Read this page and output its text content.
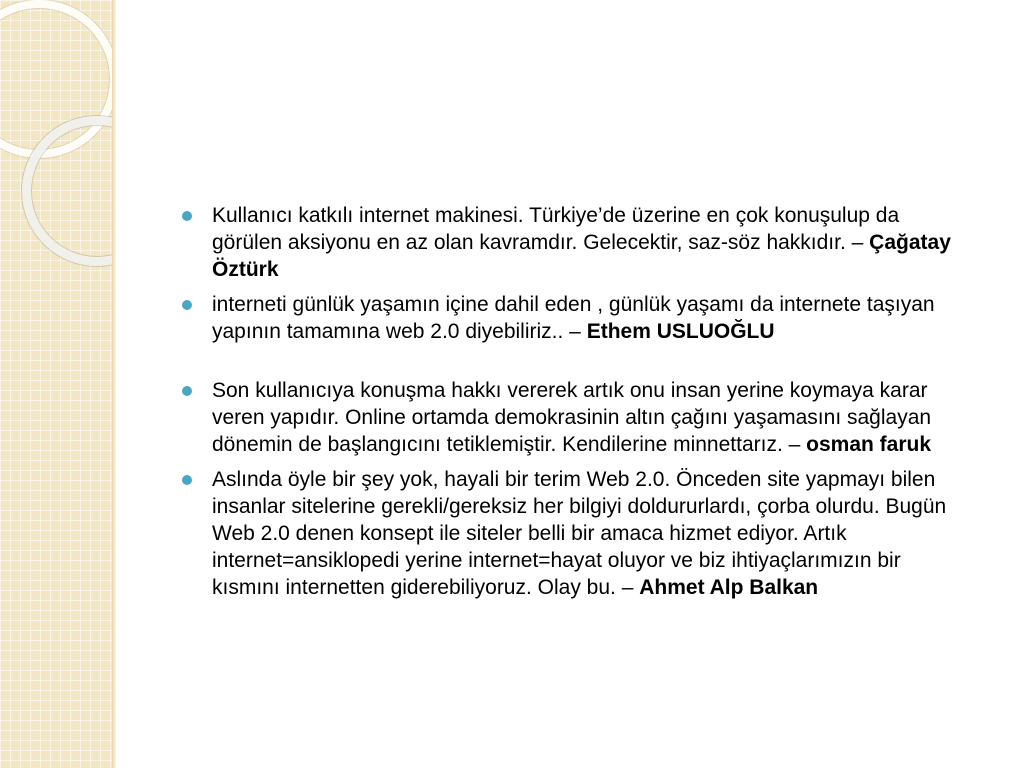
Kullanıcı katkılı internet makinesi. Türkiye’de üzerine en çok konuşulup da görülen aksiyonu en az olan kavramdır. Gelecektir, saz-söz hakkıdır. – Çağatay Öztürk
interneti günlük yaşamın içine dahil eden , günlük yaşamı da internete taşıyan yapının tamamına web 2.0 diyebiliriz.. – Ethem USLUOĞLU
Son kullanıcıya konuşma hakkı vererek artık onu insan yerine koymaya karar veren yapıdır. Online ortamda demokrasinin altın çağını yaşamasını sağlayan dönemin de başlangıcını tetiklemiştir. Kendilerine minnettarız. – osman faruk
Aslında öyle bir şey yok, hayali bir terim Web 2.0. Önceden site yapmayı bilen insanlar sitelerine gerekli/gereksiz her bilgiyi doldururlardı, çorba olurdu. Bugün Web 2.0 denen konsept ile siteler belli bir amaca hizmet ediyor. Artık internet=ansiklopedi yerine internet=hayat oluyor ve biz ihtiyaçlarımızın bir kısmını internetten giderebiliyoruz. Olay bu. – Ahmet Alp Balkan
